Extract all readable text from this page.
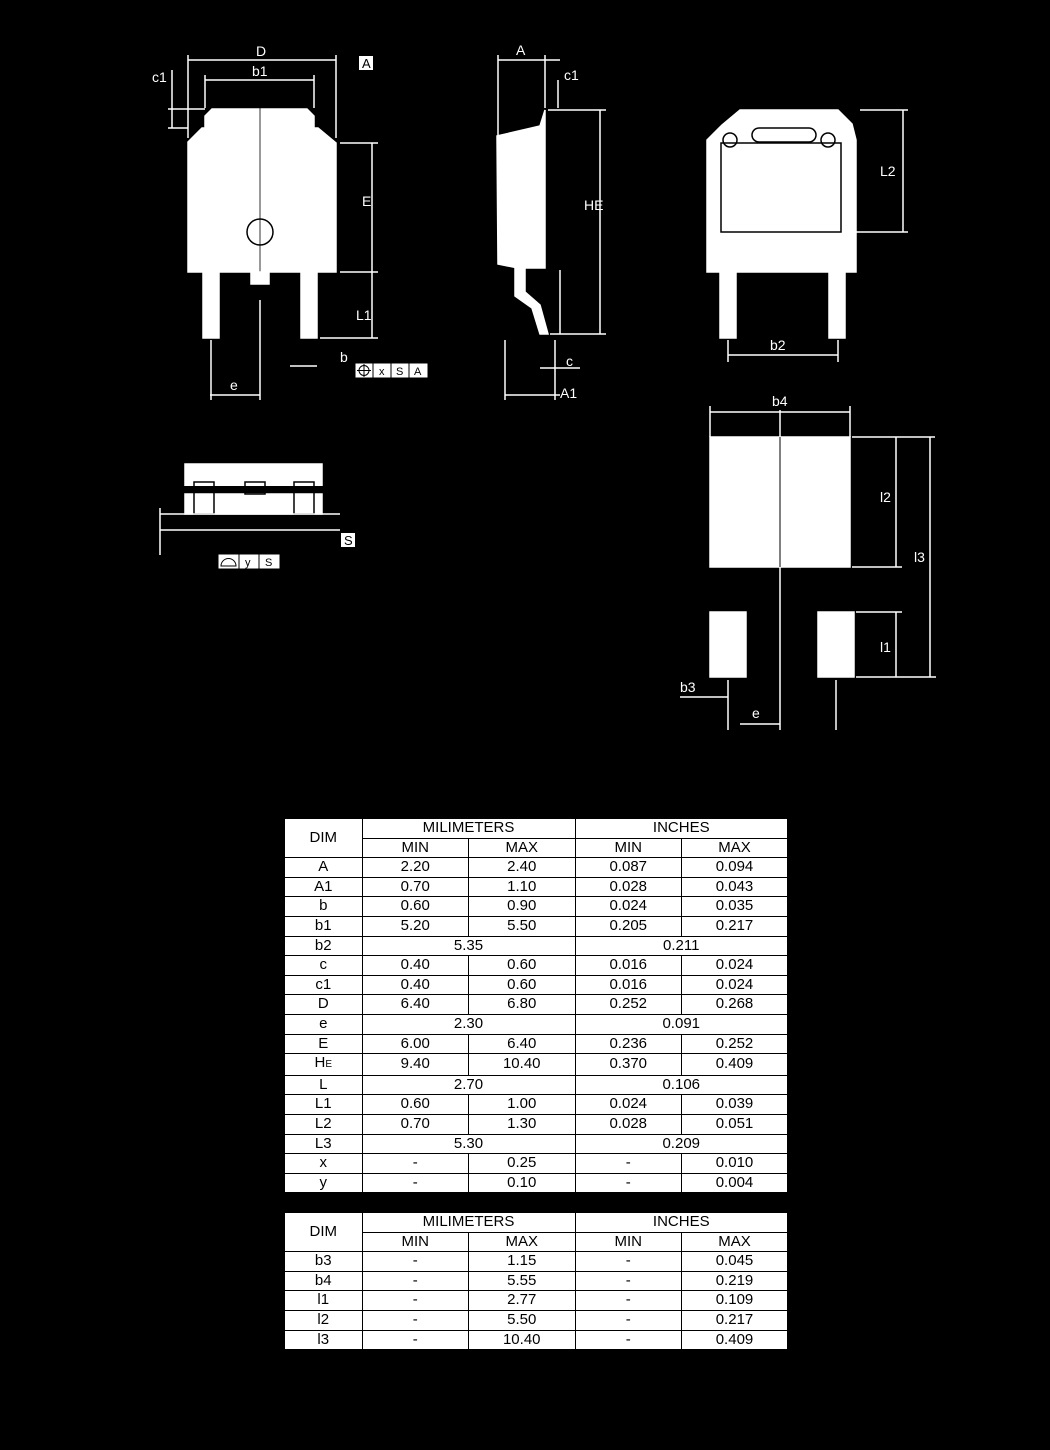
A
S
D
b1
c1
E
L1
b
e
A
c1
HE
c
A1
L2
b2
b4
l2
l3
l1
b3
e
x S A
y S
DIM	MILIMETERS		INCHES	
	MIN	MAX	MIN	MAX
A	2.20	2.40	0.087	0.094
A1	0.70	1.10	0.028	0.043
b	0.60	0.90	0.024	0.035
b1	5.20	5.50	0.205	0.217
b2	5.35		0.211	
c	0.40	0.60	0.016	0.024
c1	0.40	0.60	0.016	0.024
D	6.40	6.80	0.252	0.268
e	2.30		0.091	
E	6.00	6.40	0.236	0.252
HE	9.40	10.40	0.370	0.409
L	2.70		0.106	
L1	0.60	1.00	0.024	0.039
L2	0.70	1.30	0.028	0.051
L3	5.30		0.209	
x	-	0.25	-	0.010
y	-	0.10	-	0.004
DIM	MILIMETERS		INCHES	
	MIN	MAX	MIN	MAX
b3	-	1.15	-	0.045
b4	-	5.55	-	0.219
l1	-	2.77	-	0.109
l2	-	5.50	-	0.217
l3	-	10.40	-	0.409
